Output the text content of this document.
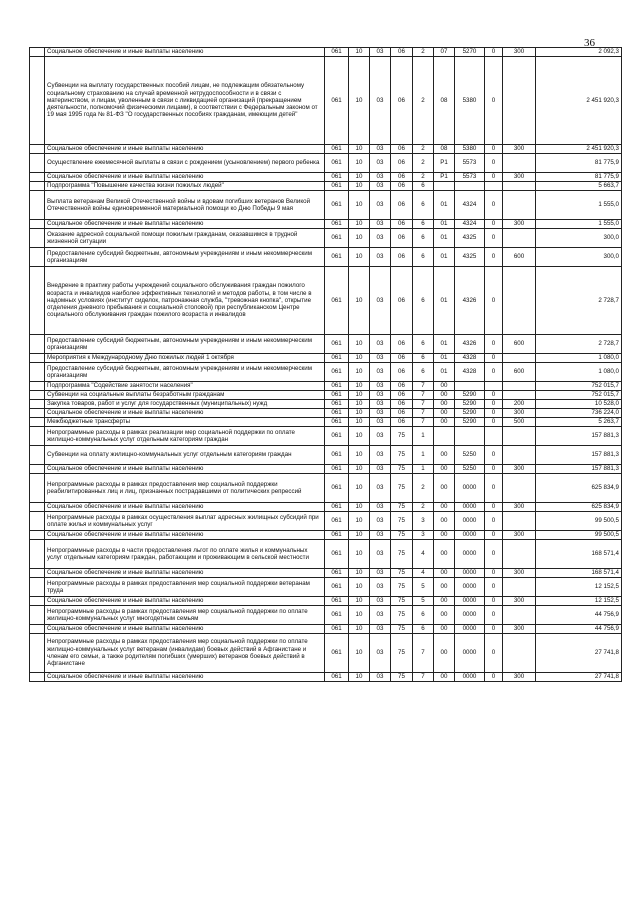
36
	Социальное обеспечение и иные выплаты населению	061	10	03	06	2	07	5270	0	300	2 092,3
	Субвенции на выплату государственных пособий лицам, не подлежащим обязательному социальному страхованию на случай временной нетрудоспособности и в связи с материнством, и лицам, уволенным в связи с ликвидацией организаций (прекращением деятельности, полномочий физическими лицами), в соответствии с Федеральным законом от 19 мая 1995 года № 81-ФЗ "О государственных пособиях гражданам, имеющим детей"	061	10	03	06	2	08	5380	0		2 451 920,3
	Социальное обеспечение и иные выплаты населению	061	10	03	06	2	08	5380	0	300	2 451 920,3
	Осуществление ежемесячной выплаты в связи с рождением (усыновлением) первого ребенка	061	10	03	06	2	P1	5573	0		81 775,9
	Социальное обеспечение и иные выплаты населению	061	10	03	06	2	P1	5573	0	300	81 775,9
	Подпрограмма "Повышение качества жизни пожилых людей"	061	10	03	06	6					5 663,7
	Выплата ветеранам Великой Отечественной войны и вдовам погибших ветеранов Великой Отечественной войны единовременной материальной помощи ко Дню Победы 9 мая	061	10	03	06	6	01	4324	0		1 555,0
	Социальное обеспечение и иные выплаты населению	061	10	03	06	6	01	4324	0	300	1 555,0
	Оказание адресной социальной помощи пожилым гражданам, оказавшимся в трудной жизненной ситуации	061	10	03	06	6	01	4325	0		300,0
	Предоставление субсидий бюджетным, автономным учреждениям и иным некоммерческим организациям	061	10	03	06	6	01	4325	0	600	300,0
	Внедрение в практику работы учреждений социального обслуживания граждан пожилого возраста и инвалидов наиболее эффективных технологий и методов работы, в том числе в надомных условиях (институт сиделок, патронажная служба, "тревожная кнопка", открытие отделения дневного пребывания и социальной столовой) при республиканском Центре социального обслуживания граждан пожилого возраста и инвалидов	061	10	03	06	6	01	4326	0		2 728,7
	Предоставление субсидий бюджетным, автономным учреждениям и иным некоммерческим организациям	061	10	03	06	6	01	4326	0	600	2 728,7
	Мероприятия к Международному Дню пожилых людей 1 октября	061	10	03	06	6	01	4328	0		1 080,0
	Предоставление субсидий бюджетным, автономным учреждениям и иным некоммерческим организациям	061	10	03	06	6	01	4328	0	600	1 080,0
	Подпрограмма "Содействие занятости населения"	061	10	03	06	7	00				752 015,7
	Субвенции на социальные выплаты безработным гражданам	061	10	03	06	7	00	5290	0		752 015,7
	Закупка товаров, работ и услуг для государственных (муниципальных) нужд	061	10	03	06	7	00	5290	0	200	10 528,0
	Социальное обеспечение и иные выплаты населению	061	10	03	06	7	00	5290	0	300	736 224,0
	Межбюджетные трансферты	061	10	03	06	7	00	5290	0	500	5 263,7
	Непрограммные расходы в рамках реализации мер социальной поддержки по оплате жилищно-коммунальных услуг отдельным категориям граждан	061	10	03	75	1					157 881,3
	Субвенции на оплату жилищно-коммунальных услуг отдельным категориям граждан	061	10	03	75	1	00	5250	0		157 881,3
	Социальное обеспечение и иные выплаты населению	061	10	03	75	1	00	5250	0	300	157 881,3
	Непрограммные расходы в рамках предоставления мер социальной поддержки реабилитированных лиц и лиц, признанных пострадавшими от политических репрессий	061	10	03	75	2	00	0000	0		625 834,9
	Социальное обеспечение и иные выплаты населению	061	10	03	75	2	00	0000	0	300	625 834,9
	Непрограммные расходы в рамках осуществления выплат адресных жилищных субсидий при оплате жилья и коммунальных услуг	061	10	03	75	3	00	0000	0		99 500,5
	Социальное обеспечение и иные выплаты населению	061	10	03	75	3	00	0000	0	300	99 500,5
	Непрограммные расходы в части предоставления льгот по оплате жилья и коммунальных услуг отдельным категориям граждан, работающим и проживающим в сельской местности	061	10	03	75	4	00	0000	0		168 571,4
	Социальное обеспечение и иные выплаты населению	061	10	03	75	4	00	0000	0	300	168 571,4
	Непрограммные расходы в рамках предоставления мер социальной поддержки ветеранам труда	061	10	03	75	5	00	0000	0		12 152,5
	Социальное обеспечение и иные выплаты населению	061	10	03	75	5	00	0000	0	300	12 152,5
	Непрограммные расходы в рамках предоставления мер социальной поддержки по оплате жилищно-коммунальных услуг многодетным семьям	061	10	03	75	6	00	0000	0		44 756,9
	Социальное обеспечение и иные выплаты населению	061	10	03	75	6	00	0000	0	300	44 756,9
	Непрограммные расходы в рамках предоставления мер социальной поддержки по оплате жилищно-коммунальных услуг ветеранам (инвалидам) боевых действий в Афганистане и членам его семьи, а также родителям погибших (умерших) ветеранов боевых действий в Афганистане	061	10	03	75	7	00	0000	0		27 741,8
	Социальное обеспечение и иные выплаты населению	061	10	03	75	7	00	0000	0	300	27 741,8
